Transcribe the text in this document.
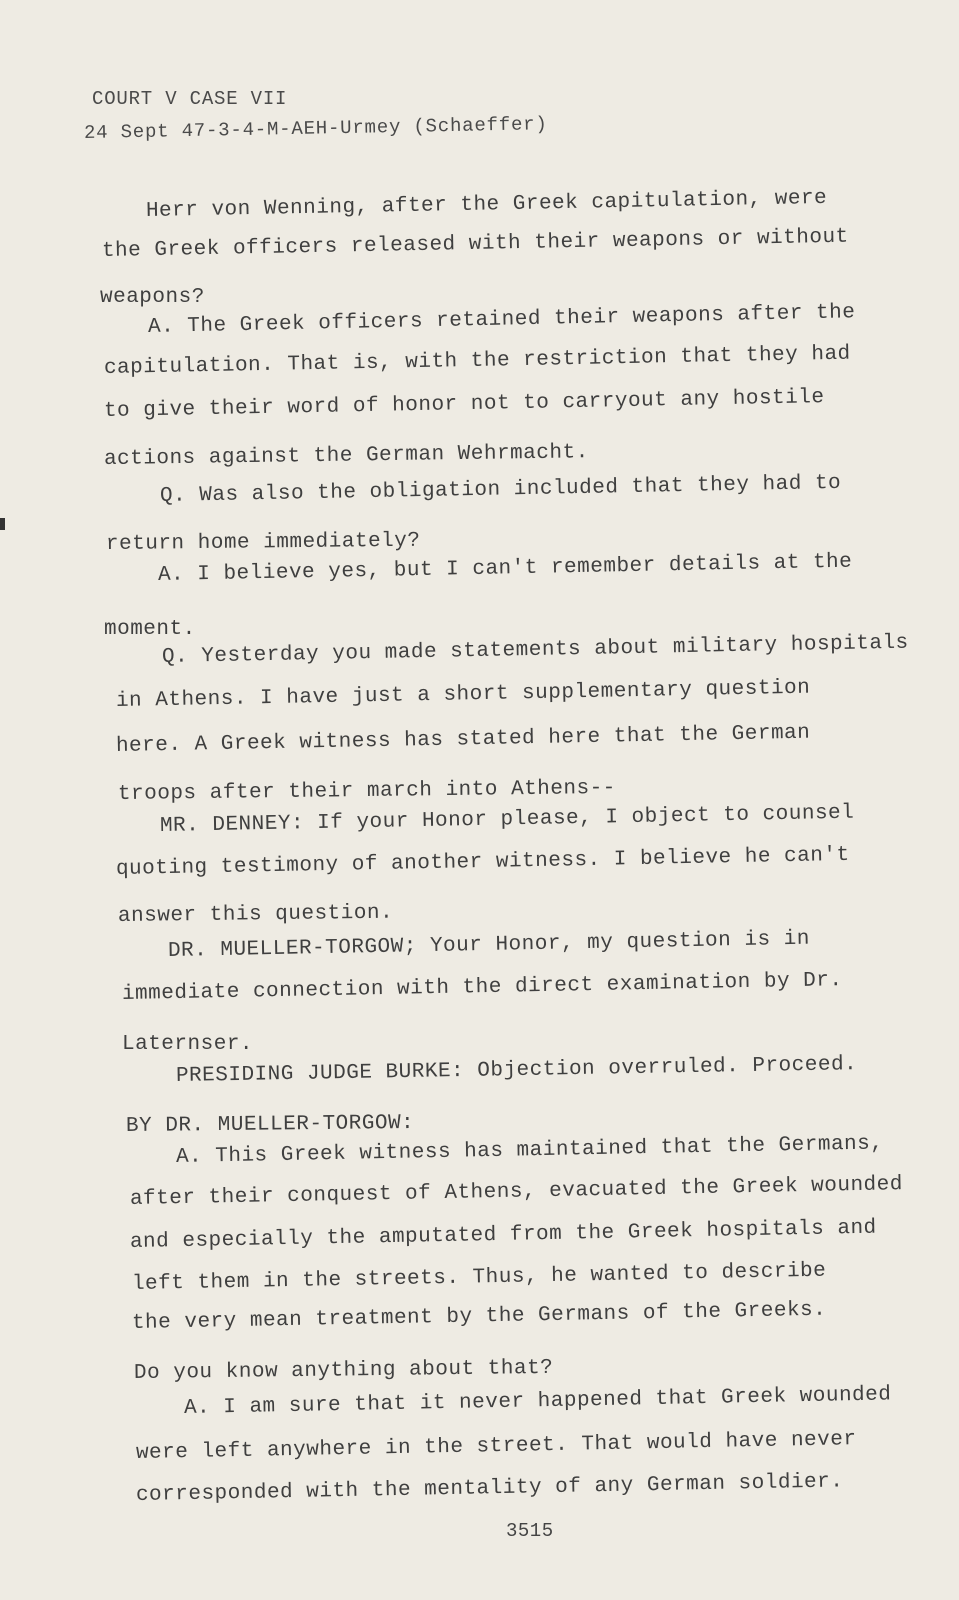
COURT V CASE VII
24 Sept 47-3-4-M-AEH-Urmey (Schaeffer)
Herr von Wenning, after the Greek capitulation, were
the Greek officers released with their weapons or without
weapons?
A. The Greek officers retained their weapons after the
capitulation. That is, with the restriction that they had
to give their word of honor not to carryout any hostile
actions against the German Wehrmacht.
Q. Was also the obligation included that they had to
return home immediately?
A. I believe yes, but I can't remember details at the
moment.
Q. Yesterday you made statements about military hospitals
in Athens. I have just a short supplementary question
here. A Greek witness has stated here that the German
troops after their march into Athens--
MR. DENNEY: If your Honor please, I object to counsel
quoting testimony of another witness. I believe he can't
answer this question.
DR. MUELLER-TORGOW; Your Honor, my question is in
immediate connection with the direct examination by Dr.
Laternser.
PRESIDING JUDGE BURKE: Objection overruled. Proceed.
BY DR. MUELLER-TORGOW:
A. This Greek witness has maintained that the Germans,
after their conquest of Athens, evacuated the Greek wounded
and especially the amputated from the Greek hospitals and
left them in the streets. Thus, he wanted to describe
the very mean treatment by the Germans of the Greeks.
Do you know anything about that?
A. I am sure that it never happened that Greek wounded
were left anywhere in the street. That would have never
corresponded with the mentality of any German soldier.
3515
